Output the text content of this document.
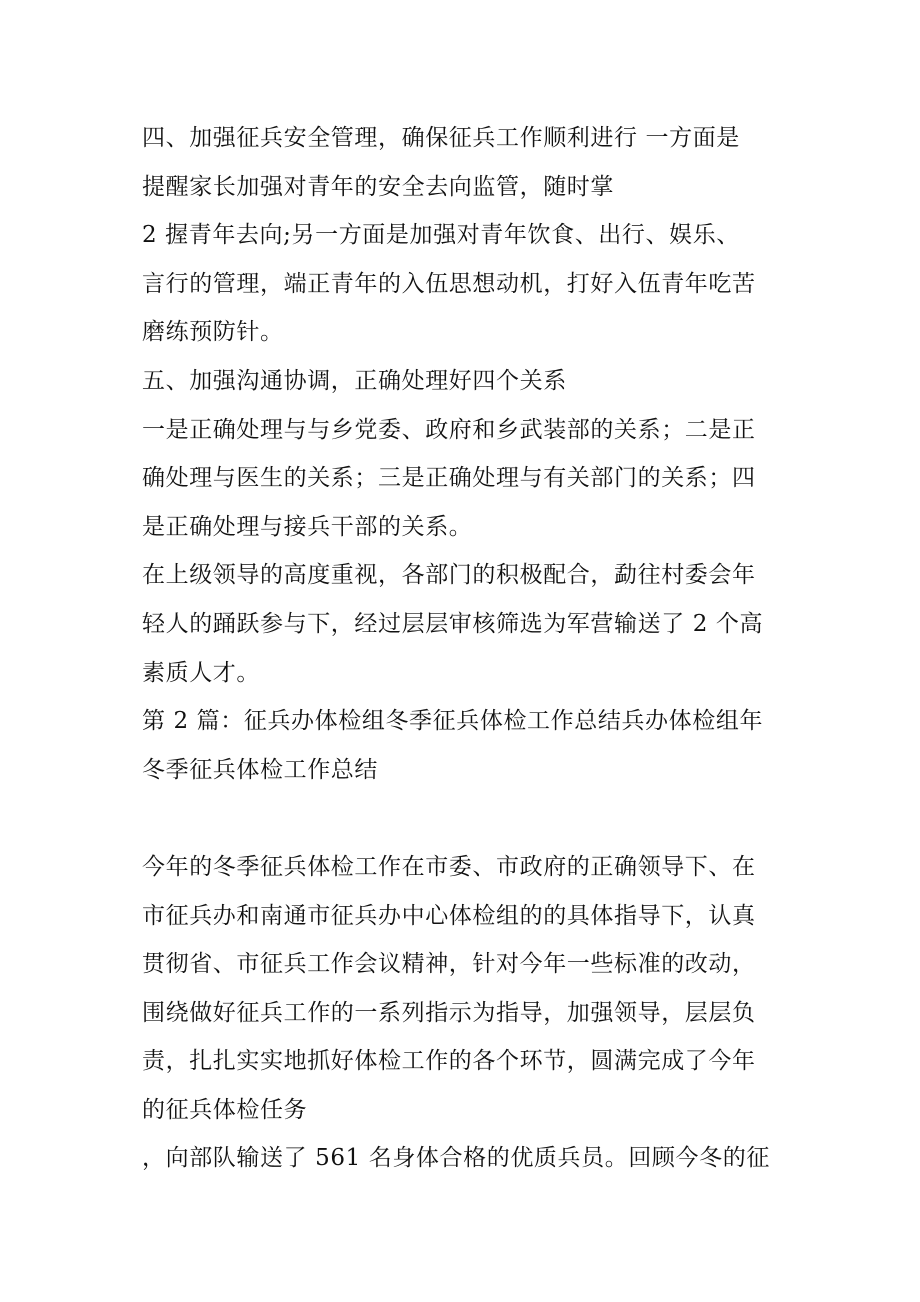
四、加强征兵安全管理，确保征兵工作顺利进行 一方面是
提醒家长加强对青年的安全去向监管，随时掌

2 握青年去向;另一方面是加强对青年饮食、出行、娱乐、
言行的管理，端正青年的入伍思想动机，打好入伍青年吃苦
磨练预防针。

五、加强沟通协调，正确处理好四个关系

一是正确处理与与乡党委、政府和乡武装部的关系；二是正
确处理与医生的关系；三是正确处理与有关部门的关系；四
是正确处理与接兵干部的关系。

在上级领导的高度重视，各部门的积极配合，勐往村委会年
轻人的踊跃参与下，经过层层审核筛选为军营输送了 2 个高
素质人才。

第 2 篇：征兵办体检组冬季征兵体检工作总结兵办体检组年
冬季征兵体检工作总结

今年的冬季征兵体检工作在市委、市政府的正确领导下、在
市征兵办和南通市征兵办中心体检组的的具体指导下，认真
贯彻省、市征兵工作会议精神，针对今年一些标准的改动，
围绕做好征兵工作的一系列指示为指导，加强领导，层层负
责，扎扎实实地抓好体检工作的各个环节，圆满完成了今年
的征兵体检任务

，向部队输送了 561 名身体合格的优质兵员。回顾今冬的征
